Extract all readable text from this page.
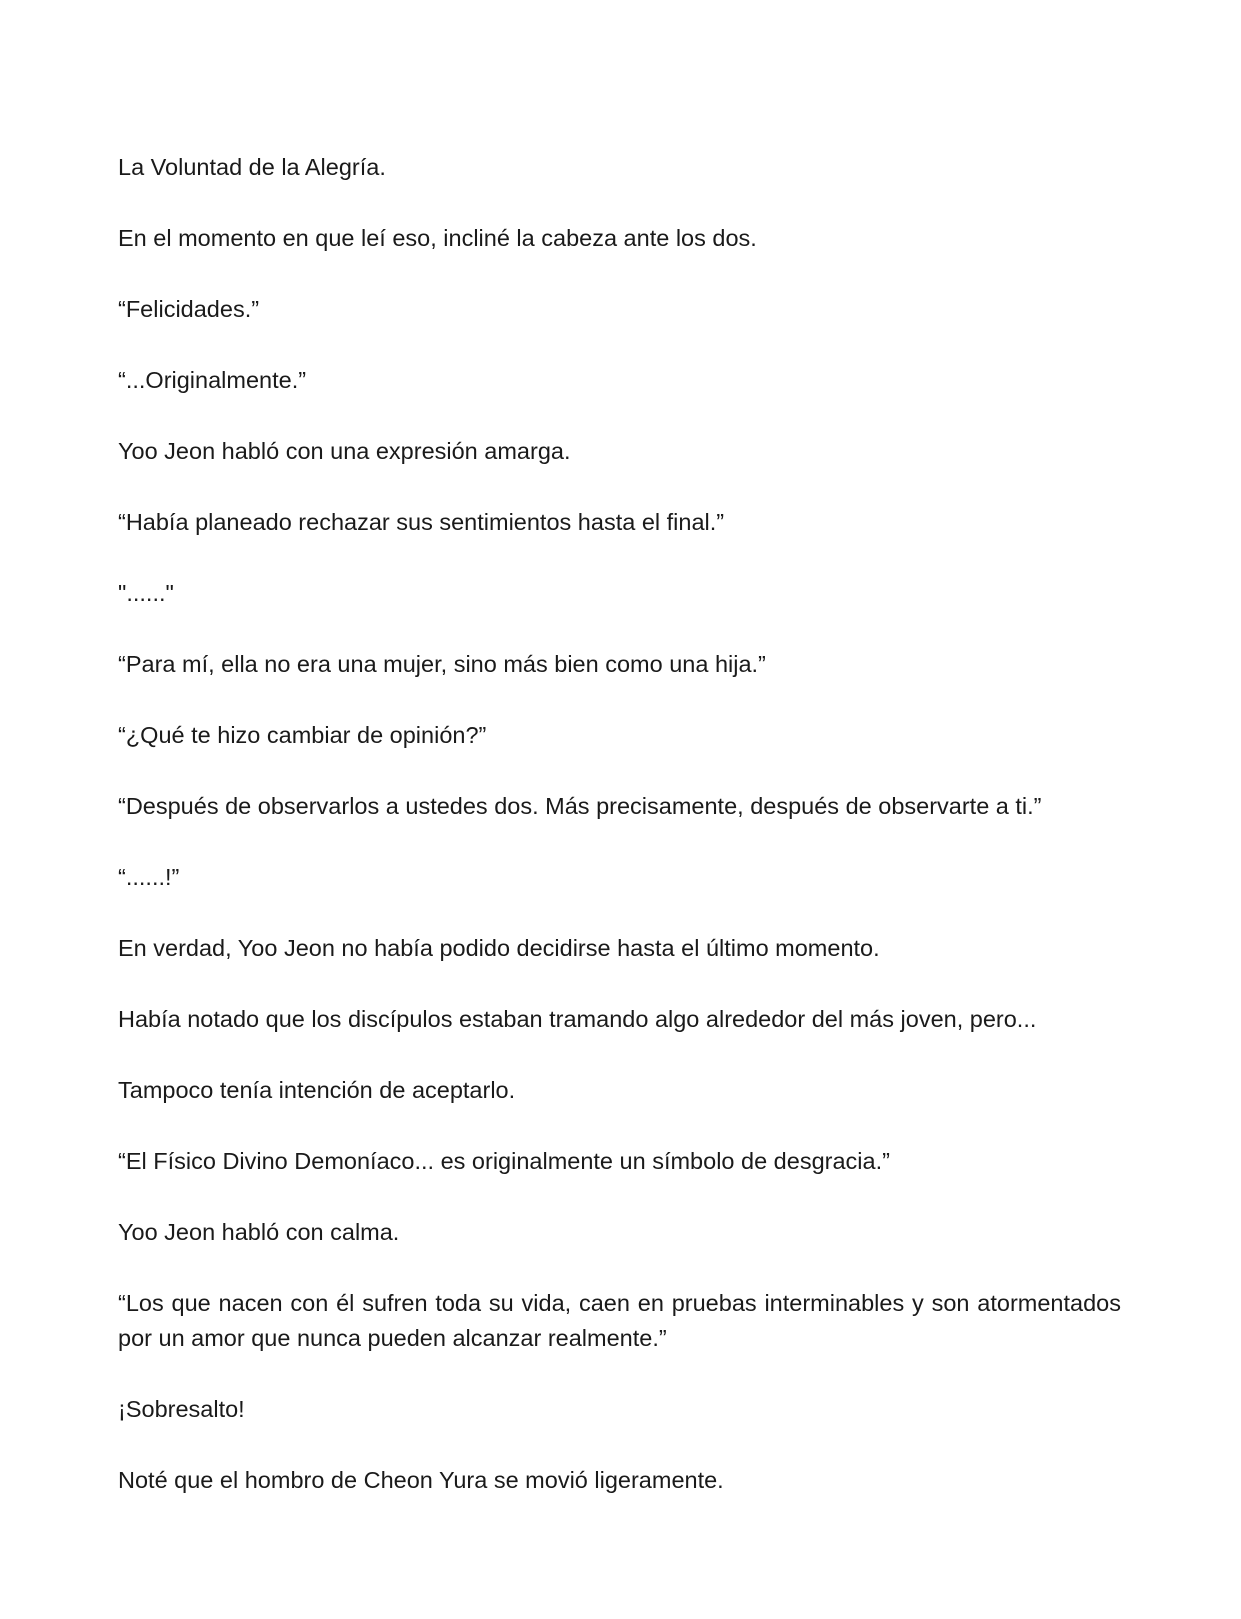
La Voluntad de la Alegría.

En el momento en que leí eso, incliné la cabeza ante los dos.

“Felicidades.”

“...Originalmente.”

Yoo Jeon habló con una expresión amarga.

“Había planeado rechazar sus sentimientos hasta el final.”

"......"

“Para mí, ella no era una mujer, sino más bien como una hija.”

“¿Qué te hizo cambiar de opinión?”

“Después de observarlos a ustedes dos. Más precisamente, después de observarte a ti.”

“......!”

En verdad, Yoo Jeon no había podido decidirse hasta el último momento.

Había notado que los discípulos estaban tramando algo alrededor del más joven, pero...

Tampoco tenía intención de aceptarlo.

“El Físico Divino Demoníaco... es originalmente un símbolo de desgracia.”

Yoo Jeon habló con calma.

“Los que nacen con él sufren toda su vida, caen en pruebas interminables y son atormentados por un amor que nunca pueden alcanzar realmente.”

¡Sobresalto!

Noté que el hombro de Cheon Yura se movió ligeramente.
